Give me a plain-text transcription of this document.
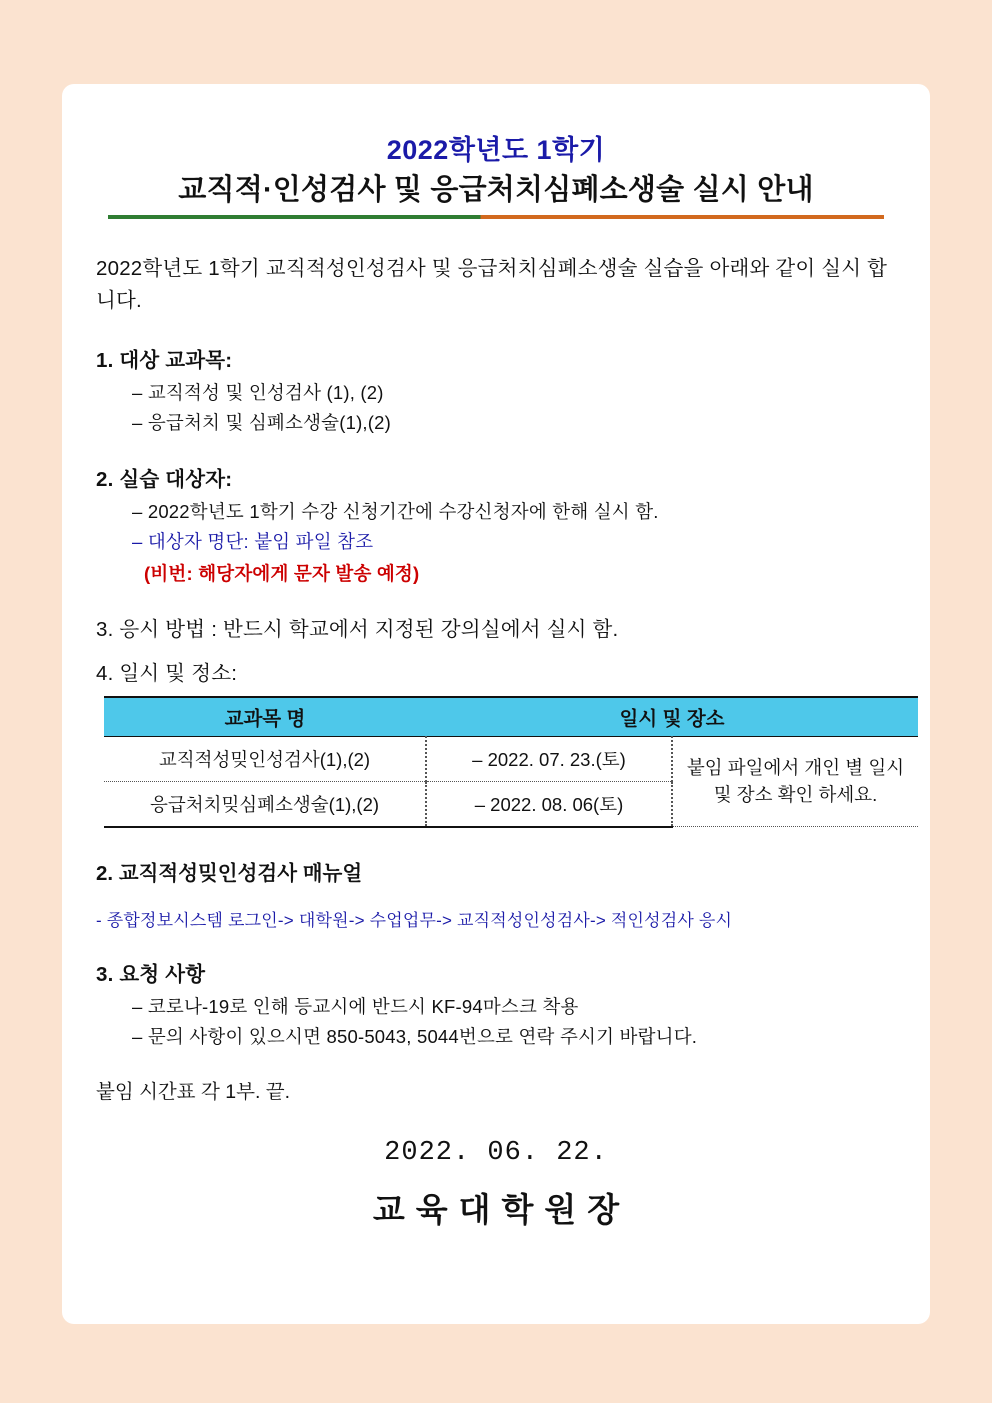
2022학년도 1학기
교직적·인성검사 및 응급처치심폐소생술 실시 안내
2022학년도 1학기 교직적성인성검사 및 응급처치심폐소생술 실습을 아래와 같이 실시 합니다.
1. 대상 교과목:
– 교직적성 및 인성검사 (1), (2)
– 응급처치 및 심폐소생술(1),(2)
2. 실습 대상자:
– 2022학년도 1학기 수강 신청기간에 수강신청자에 한해 실시 함.
– 대상자 명단: 붙임 파일 참조
(비번: 해당자에게 문자 발송 예정)
3. 응시 방법 : 반드시 학교에서 지정된 강의실에서 실시 함.
4. 일시 및 정소:
교과목 명	일시 및 장소	
교직적성밎인성검사(1),(2)	– 2022. 07. 23.(토)	붙임 파일에서 개인 별 일시 및 장소 확인 하세요.
응급처치밎심폐소생술(1),(2)	– 2022. 08. 06(토)	
2. 교직적성밎인성검사 매뉴얼
- 종합정보시스템 로그인-> 대학원-> 수업업무-> 교직적성인성검사-> 적인성검사 응시
3. 요청 사항
– 코로나-19로 인해 등교시에 반드시 KF-94마스크 착용
– 문의 사항이 있으시면 850-5043, 5044번으로 연락 주시기 바랍니다.
붙임 시간표 각 1부. 끝.
2022. 06. 22.
교육대학원장
